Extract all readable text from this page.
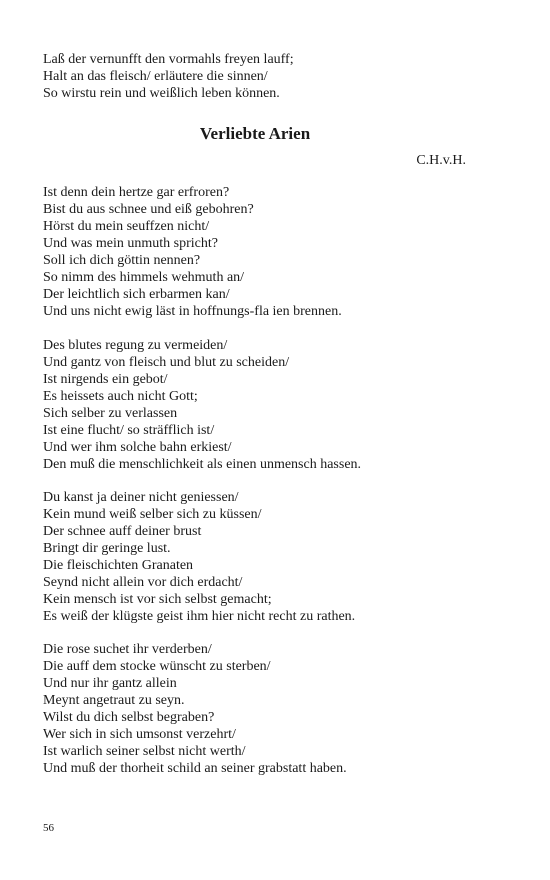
Laß der vernunfft den vormahls freyen lauff;
Halt an das fleisch/ erläutere die sinnen/
So wirstu rein und weißlich leben können.
Verliebte Arien
C.H.v.H.
Ist denn dein hertze gar erfroren?
Bist du aus schnee und eiß gebohren?
Hörst du mein seuffzen nicht/
Und was mein unmuth spricht?
Soll ich dich göttin nennen?
So nimm des himmels wehmuth an/
Der leichtlich sich erbarmen kan/
Und uns nicht ewig läst in hoffnungs-fla ien brennen.
Des blutes regung zu vermeiden/
Und gantz von fleisch und blut zu scheiden/
Ist nirgends ein gebot/
Es heissets auch nicht Gott;
Sich selber zu verlassen
Ist eine flucht/ so sträfflich ist/
Und wer ihm solche bahn erkiest/
Den muß die menschlichkeit als einen unmensch hassen.
Du kanst ja deiner nicht geniessen/
Kein mund weiß selber sich zu küssen/
Der schnee auff deiner brust
Bringt dir geringe lust.
Die fleischichten Granaten
Seynd nicht allein vor dich erdacht/
Kein mensch ist vor sich selbst gemacht;
Es weiß der klügste geist ihm hier nicht recht zu rathen.
Die rose suchet ihr verderben/
Die auff dem stocke wünscht zu sterben/
Und nur ihr gantz allein
Meynt angetraut zu seyn.
Wilst du dich selbst begraben?
Wer sich in sich umsonst verzehrt/
Ist warlich seiner selbst nicht werth/
Und muß der thorheit schild an seiner grabstatt haben.
56
